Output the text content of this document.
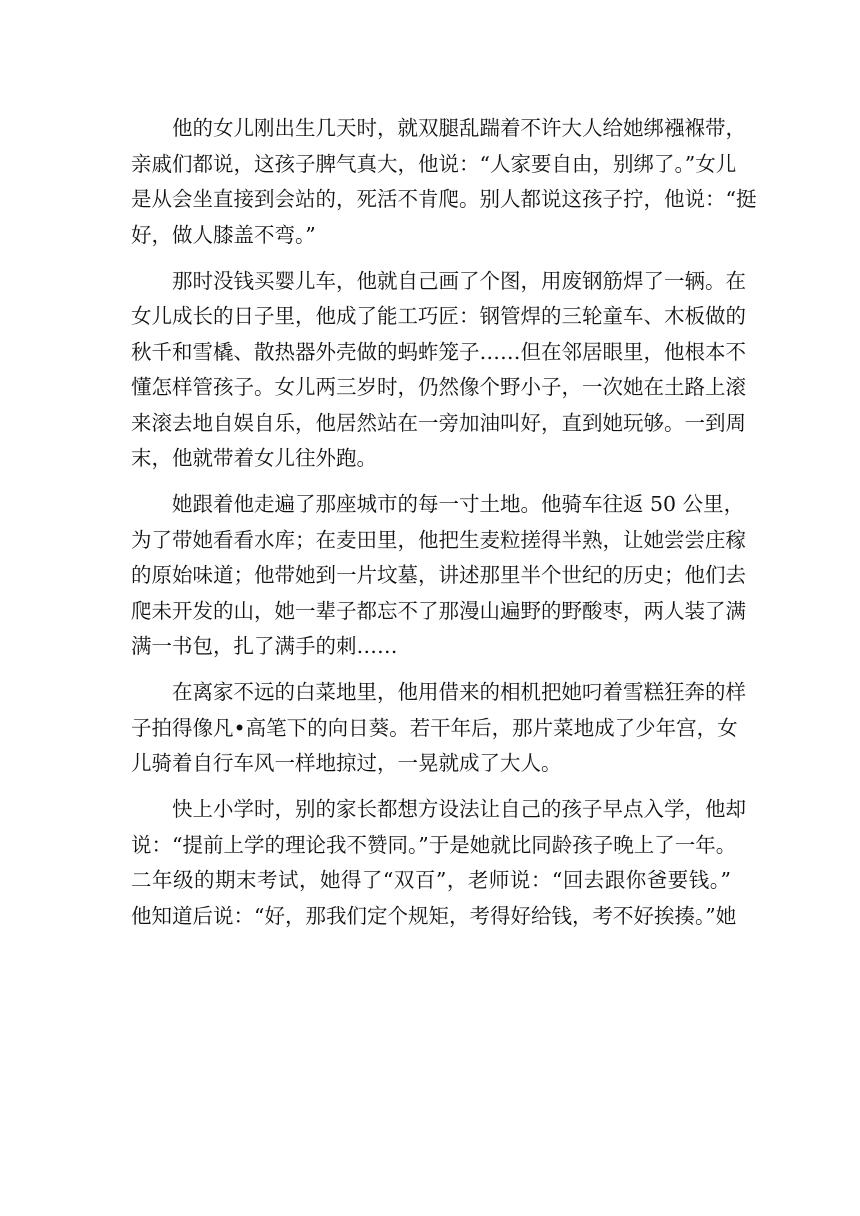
他的女儿刚出生几天时，就双腿乱踹着不许大人给她绑襁褓带，
亲戚们都说，这孩子脾气真大，他说：“人家要自由，别绑了。”女儿
是从会坐直接到会站的，死活不肯爬。别人都说这孩子拧，他说：“挺
好，做人膝盖不弯。”
那时没钱买婴儿车，他就自己画了个图，用废钢筋焊了一辆。在
女儿成长的日子里，他成了能工巧匠：钢管焊的三轮童车、木板做的
秋千和雪橇、散热器外壳做的蚂蚱笼子……但在邻居眼里，他根本不
懂怎样管孩子。女儿两三岁时，仍然像个野小子，一次她在土路上滚
来滚去地自娱自乐，他居然站在一旁加油叫好，直到她玩够。一到周
末，他就带着女儿往外跑。
她跟着他走遍了那座城市的每一寸土地。他骑车往返 50 公里，
为了带她看看水库；在麦田里，他把生麦粒搓得半熟，让她尝尝庄稼
的原始味道；他带她到一片坟墓，讲述那里半个世纪的历史；他们去
爬未开发的山，她一辈子都忘不了那漫山遍野的野酸枣，两人装了满
满一书包，扎了满手的刺……
在离家不远的白菜地里，他用借来的相机把她叼着雪糕狂奔的样
子拍得像凡•高笔下的向日葵。若干年后，那片菜地成了少年宫，女
儿骑着自行车风一样地掠过，一晃就成了大人。
快上小学时，别的家长都想方设法让自己的孩子早点入学，他却
说：“提前上学的理论我不赞同。”于是她就比同龄孩子晚上了一年。
二年级的期末考试，她得了“双百”，老师说：“回去跟你爸要钱。”
他知道后说：“好，那我们定个规矩，考得好给钱，考不好挨揍。”她
